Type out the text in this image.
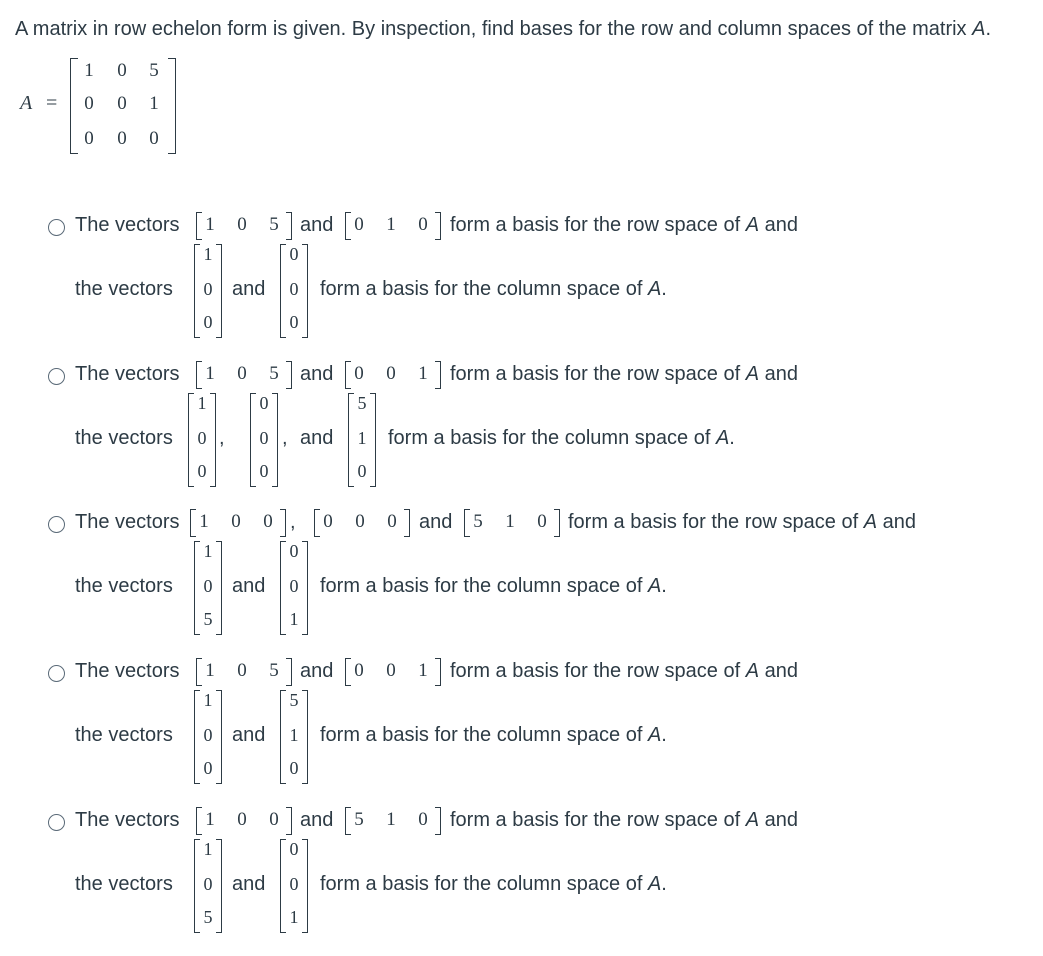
A matrix in row echelon form is given. By inspection, find bases for the row and column spaces of the matrix A.
A =
1 0 5
0 0 1
0 0 0
The vectors 1 0 5 and 0 1 0 form a basis for the row space of A and
the vectors
1
0
0
and
0
0
0
form a basis for the column space of A.
The vectors 1 0 5 and 0 0 1 form a basis for the row space of A and
the vectors
1
0
0
,
0
0
0
, and
5
1
0
form a basis for the column space of A.
The vectors 1 0 0 , 0 0 0 and 5 1 0 form a basis for the row space of A and
the vectors
1
0
5
and
0
0
1
form a basis for the column space of A.
The vectors 1 0 5 and 0 0 1 form a basis for the row space of A and
the vectors
1
0
0
and
5
1
0
form a basis for the column space of A.
The vectors 1 0 0 and 5 1 0 form a basis for the row space of A and
the vectors
1
0
5
and
0
0
1
form a basis for the column space of A.
